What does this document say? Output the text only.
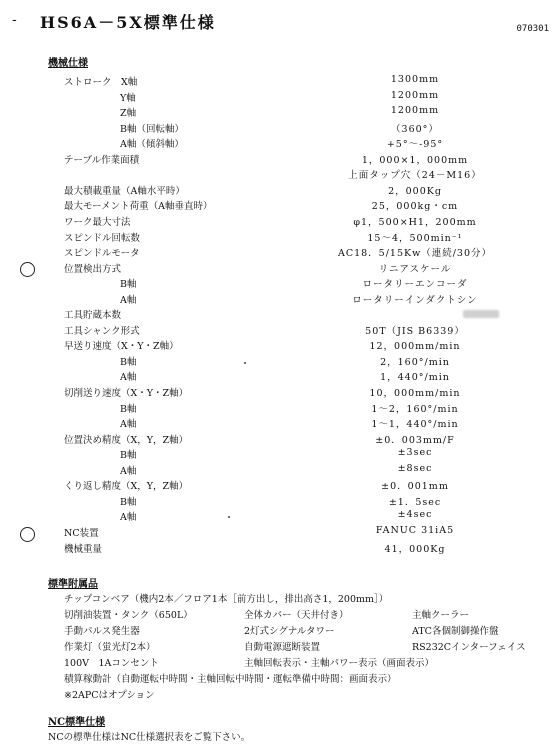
- HS6A－5X標準仕様	070301
機械仕様
ストローク　X軸	1300mm
Y軸	1200mm
Z軸	1200mm
B軸（回転軸）	（360°）
A軸（傾斜軸）	+5°～-95°
テーブル作業面積	1，000×1，000mm
上面タップ穴（24－M16）
最大積載重量（A軸水平時）	2，000Kg
最大モーメント荷重（A軸垂直時）	25，000kg・cm
ワーク最大寸法	φ1，500×H1，200mm
スピンドル回転数	15～4，500min⁻¹
スピンドルモータ	AC18．5/15Kw（連続/30分）
位置検出方式	リニアスケール
B軸	ロータリーエンコーダ
A軸	ロータリーインダクトシン
工具貯蔵本数
工具シャンク形式	50T（JIS B6339）
早送り速度（X・Y・Z軸）	12，000mm/min
B軸	2，160°/min
A軸	1，440°/min
切削送り速度（X・Y・Z軸）	10，000mm/min
B軸	1～2，160°/min
A軸	1～1，440°/min
位置決め精度（X，Y，Z軸）	±0．003mm/F
B軸	±3sec
A軸	±8sec
くり返し精度（X，Y，Z軸）	±0．001mm
B軸	±1．5sec
A軸	±4sec
NC装置	FANUC 31iA5
機械重量	41，000Kg
標準附属品
チップコンベア（機内2本／フロア1本［前方出し，排出高さ1，200mm］）
切削油装置・タンク（650L）	全体カバー（天井付き）	主軸クーラー
手動パルス発生器	2灯式シグナルタワー	ATC各個制御操作盤
作業灯（蛍光灯2本）	自動電源遮断装置	RS232Cインターフェイス
100V　1Aコンセント	主軸回転表示・主軸パワー表示（画面表示）
積算稼動計（自動運転中時間・主軸回転中時間・運転準備中時間：画面表示）
※2APCはオプション
NC標準仕様
NCの標準仕様はNC仕様選択表をご覧下さい。
